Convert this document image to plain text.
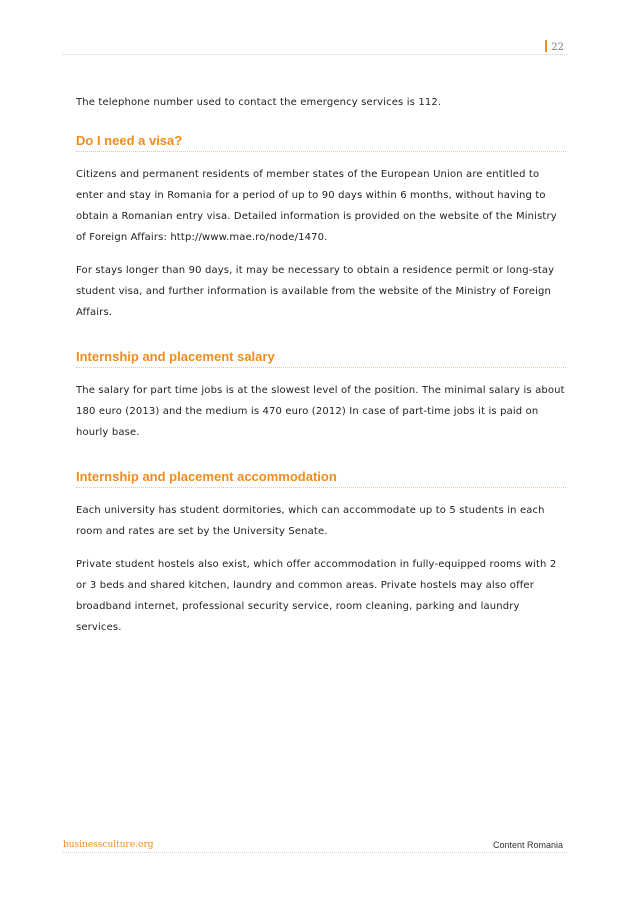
22

The telephone number used to contact the emergency services is 112.

Do I need a visa?

Citizens and permanent residents of member states of the European Union are entitled to enter and stay in Romania for a period of up to 90 days within 6 months, without having to obtain a Romanian entry visa. Detailed information is provided on the website of the Ministry of Foreign Affairs: http://www.mae.ro/node/1470.

For stays longer than 90 days, it may be necessary to obtain a residence permit or long-stay student visa, and further information is available from the website of the Ministry of Foreign Affairs.

Internship and placement salary

The salary for part time jobs is at the slowest level of the position. The minimal salary is about 180 euro (2013) and the medium is 470 euro (2012) In case of part-time jobs it is paid on hourly base.

Internship and placement accommodation

Each university has student dormitories, which can accommodate up to 5 students in each room and rates are set by the University Senate.

Private student hostels also exist, which offer accommodation in fully-equipped rooms with 2 or 3 beds and shared kitchen, laundry and common areas. Private hostels may also offer broadband internet, professional security service, room cleaning, parking and laundry services.

businessculture.org	Content Romania
